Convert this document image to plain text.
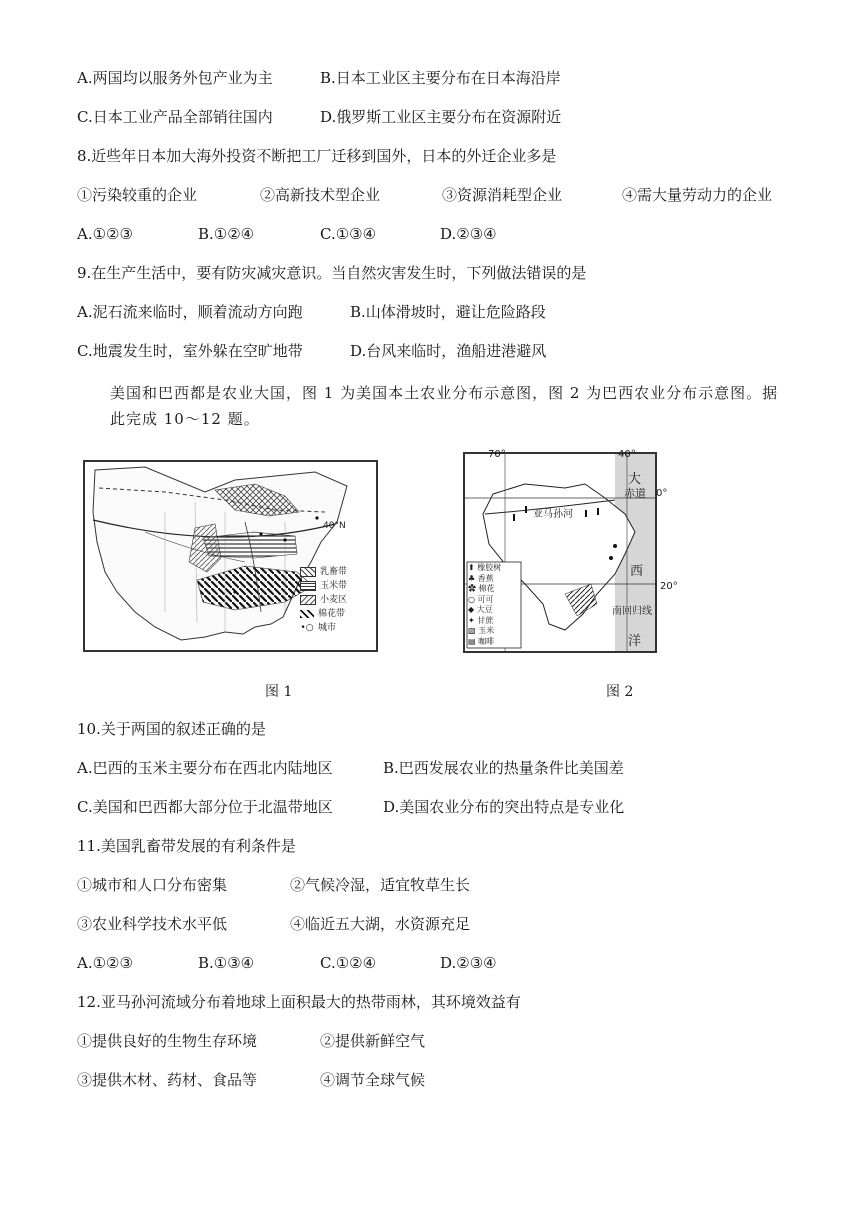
A.两国均以服务外包产业为主	B.日本工业区主要分布在日本海沿岸
C.日本工业产品全部销往国内	D.俄罗斯工业区主要分布在资源附近
8.近些年日本加大海外投资不断把工厂迁移到国外，日本的外迁企业多是
①污染较重的企业	②高新技术型企业	③资源消耗型企业	④需大量劳动力的企业
A.①②③	B.①②④	C.①③④	D.②③④
9.在生产生活中，要有防灾减灾意识。当自然灾害发生时，下列做法错误的是
A.泥石流来临时，顺着流动方向跑	B.山体滑坡时，避让危险路段
C.地震发生时，室外躲在空旷地带	D.台风来临时，渔船进港避风
美国和巴西都是农业大国，图 1 为美国本土农业分布示意图，图 2 为巴西农业分布示意图。据此完成 10～12 题。
40°N
乳畜带
玉米带
小麦区
棉花带
•○ 城市
70°	40°
大
赤道 0°
西
20°
南回归线
洋
亚马孙河
⬆ 橡胶树
♣ 香蕉
✿ 棉花
○ 可可
◆ 大豆
✦ 甘蔗
▧ 玉米
▤ 咖啡
图 1	图 2
10.关于两国的叙述正确的是
A.巴西的玉米主要分布在西北内陆地区	B.巴西发展农业的热量条件比美国差
C.美国和巴西都大部分位于北温带地区	D.美国农业分布的突出特点是专业化
11.美国乳畜带发展的有利条件是
①城市和人口分布密集	②气候冷湿，适宜牧草生长
③农业科学技术水平低	④临近五大湖，水资源充足
A.①②③	B.①③④	C.①②④	D.②③④
12.亚马孙河流域分布着地球上面积最大的热带雨林，其环境效益有
①提供良好的生物生存环境	②提供新鲜空气
③提供木材、药材、食品等	④调节全球气候
